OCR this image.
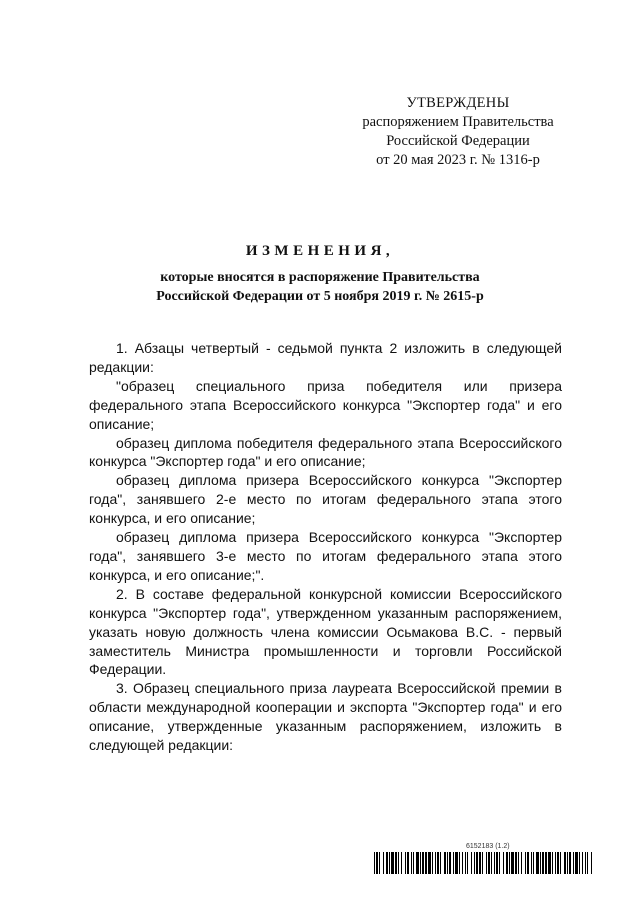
УТВЕРЖДЕНЫ
распоряжением Правительства
Российской Федерации
от 20 мая 2023 г. № 1316-р
ИЗМЕНЕНИЯ,
которые вносятся в распоряжение Правительства
Российской Федерации от 5 ноября 2019 г. № 2615-р

1. Абзацы четвертый - седьмой пункта 2 изложить в следующей редакции:

"образец специального приза победителя или призера федерального этапа Всероссийского конкурса "Экспортер года" и его описание;

образец диплома победителя федерального этапа Всероссийского конкурса "Экспортер года" и его описание;

образец диплома призера Всероссийского конкурса "Экспортер года", занявшего 2-е место по итогам федерального этапа этого конкурса, и его описание;

образец диплома призера Всероссийского конкурса "Экспортер года", занявшего 3-е место по итогам федерального этапа этого конкурса, и его описание;".

2. В составе федеральной конкурсной комиссии Всероссийского конкурса "Экспортер года", утвержденном указанным распоряжением, указать новую должность члена комиссии Осьмакова В.С. - первый заместитель Министра промышленности и торговли Российской Федерации.

3. Образец специального приза лауреата Всероссийской премии в области международной кооперации и экспорта "Экспортер года" и его описание, утвержденные указанным распоряжением, изложить в следующей редакции:

6152183 (1.2)
